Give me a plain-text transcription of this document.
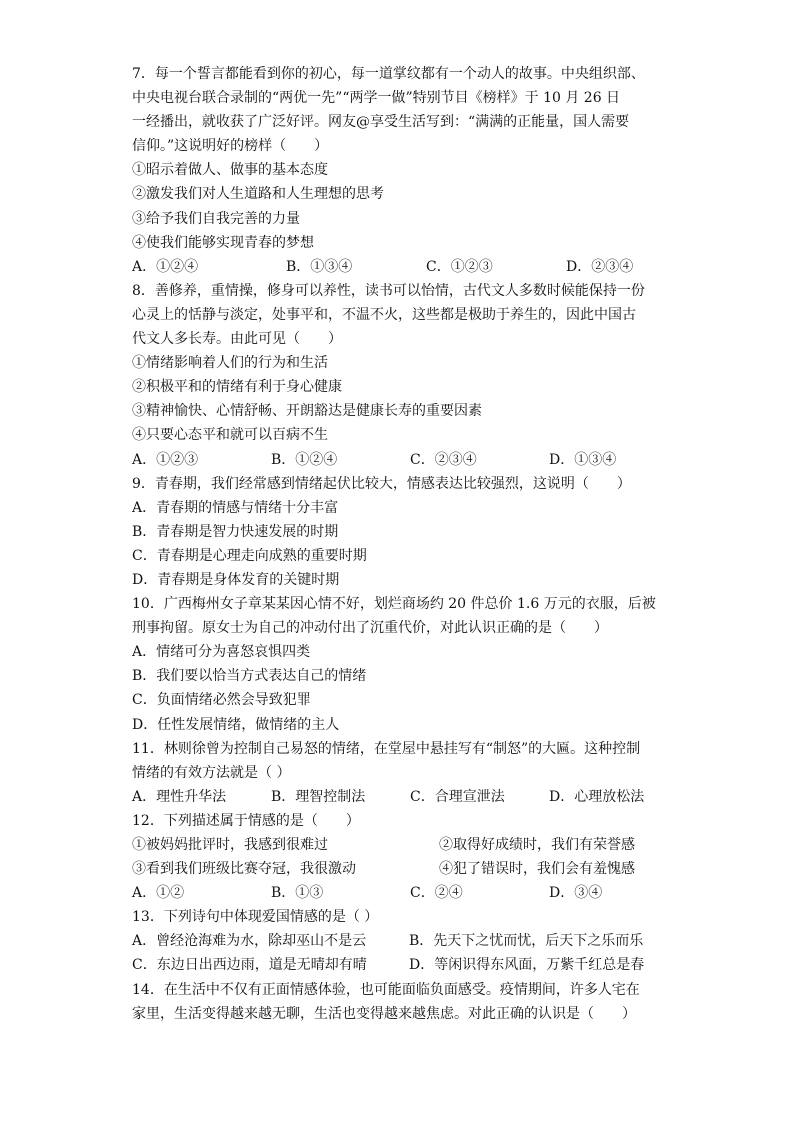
7．每一个誓言都能看到你的初心，每一道掌纹都有一个动人的故事。中央组织部、
中央电视台联合录制的“两优一先”“两学一做”特别节目《榜样》于 10 月 26 日
一经播出，就收获了广泛好评。网友@享受生活写到：“满满的正能量，国人需要
信仰。”这说明好的榜样（　　）
①昭示着做人、做事的基本态度
②激发我们对人生道路和人生理想的思考
③给予我们自我完善的力量
④使我们能够实现青春的梦想
A．①②④	B．①③④	C．①②③	D．②③④
8．善修养，重情操，修身可以养性，读书可以怡情，古代文人多数时候能保持一份
心灵上的恬静与淡定，处事平和，不温不火，这些都是极助于养生的，因此中国古
代文人多长寿。由此可见（　　）
①情绪影响着人们的行为和生活
②积极平和的情绪有利于身心健康
③精神愉快、心情舒畅、开朗豁达是健康长寿的重要因素
④只要心态平和就可以百病不生
A．①②③	B．①②④	C．②③④	D．①③④
9．青春期，我们经常感到情绪起伏比较大，情感表达比较强烈，这说明（　　）
A．青春期的情感与情绪十分丰富
B．青春期是智力快速发展的时期
C．青春期是心理走向成熟的重要时期
D．青春期是身体发育的关键时期
10．广西梅州女子章某某因心情不好，划烂商场约 20 件总价 1.6 万元的衣服，后被
刑事拘留。原女士为自己的冲动付出了沉重代价，对此认识正确的是（　　）
A．情绪可分为喜怒哀惧四类
B．我们要以恰当方式表达自己的情绪
C．负面情绪必然会导致犯罪
D．任性发展情绪，做情绪的主人
11．林则徐曾为控制自己易怒的情绪，在堂屋中悬挂写有“制怒”的大匾。这种控制
情绪的有效方法就是（ ）
A．理性升华法	B．理智控制法	C．合理宣泄法	D．心理放松法
12．下列描述属于情感的是（　　）
①被妈妈批评时，我感到很难过	②取得好成绩时，我们有荣誉感
③看到我们班级比赛夺冠，我很激动	④犯了错误时，我们会有羞愧感
A．①②	B．①③	C．②④	D．③④
13．下列诗句中体现爱国情感的是（ ）
A．曾经沧海难为水，除却巫山不是云	B．先天下之忧而忧，后天下之乐而乐
C．东边日出西边雨，道是无晴却有晴	D．等闲识得东风面，万紫千红总是春
14．在生活中不仅有正面情感体验，也可能面临负面感受。疫情期间，许多人宅在
家里，生活变得越来越无聊，生活也变得越来越焦虑。对此正确的认识是（　　）
